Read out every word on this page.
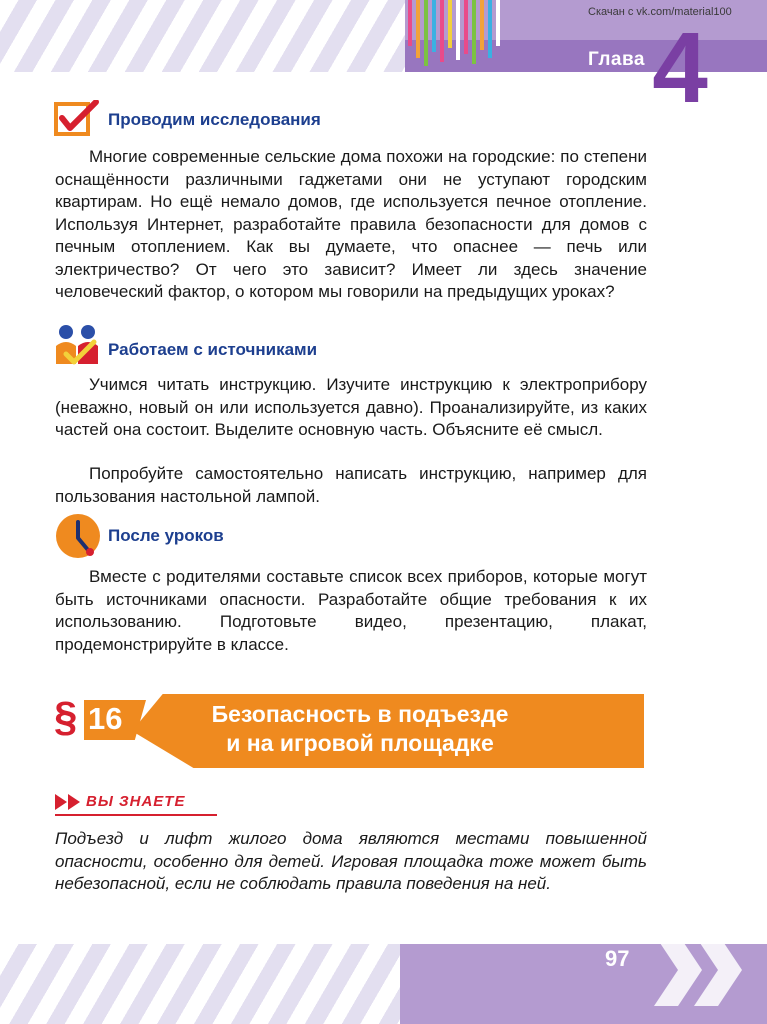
Скачан с vk.com/material100
Глава 4
Проводим исследования

Многие современные сельские дома похожи на городские: по степени оснащённости различными гаджетами они не уступают городским квартирам. Но ещё немало домов, где используется печное отопление. Используя Интернет, разработайте правила безопасности для домов с печным отоплением. Как вы думаете, что опаснее — печь или электричество? От чего это зависит? Имеет ли здесь значение человеческий фактор, о котором мы говорили на предыдущих уроках?

Работаем с источниками

Учимся читать инструкцию. Изучите инструкцию к электроприбору (неважно, новый он или используется давно). Проанализируйте, из каких частей она состоит. Выделите основную часть. Объясните её смысл.

Попробуйте самостоятельно написать инструкцию, например для пользования настольной лампой.

После уроков

Вместе с родителями составьте список всех приборов, которые могут быть источниками опасности. Разработайте общие требования к их использованию. Подготовьте видео, презентацию, плакат, продемонстрируйте в классе.

§ 16	Безопасность в подъезде
и на игровой площадке
ВЫ ЗНАЕТЕ

Подъезд и лифт жилого дома являются местами повышенной опасности, особенно для детей. Игровая площадка тоже может быть небезопасной, если не соблюдать правила поведения на ней.

97
